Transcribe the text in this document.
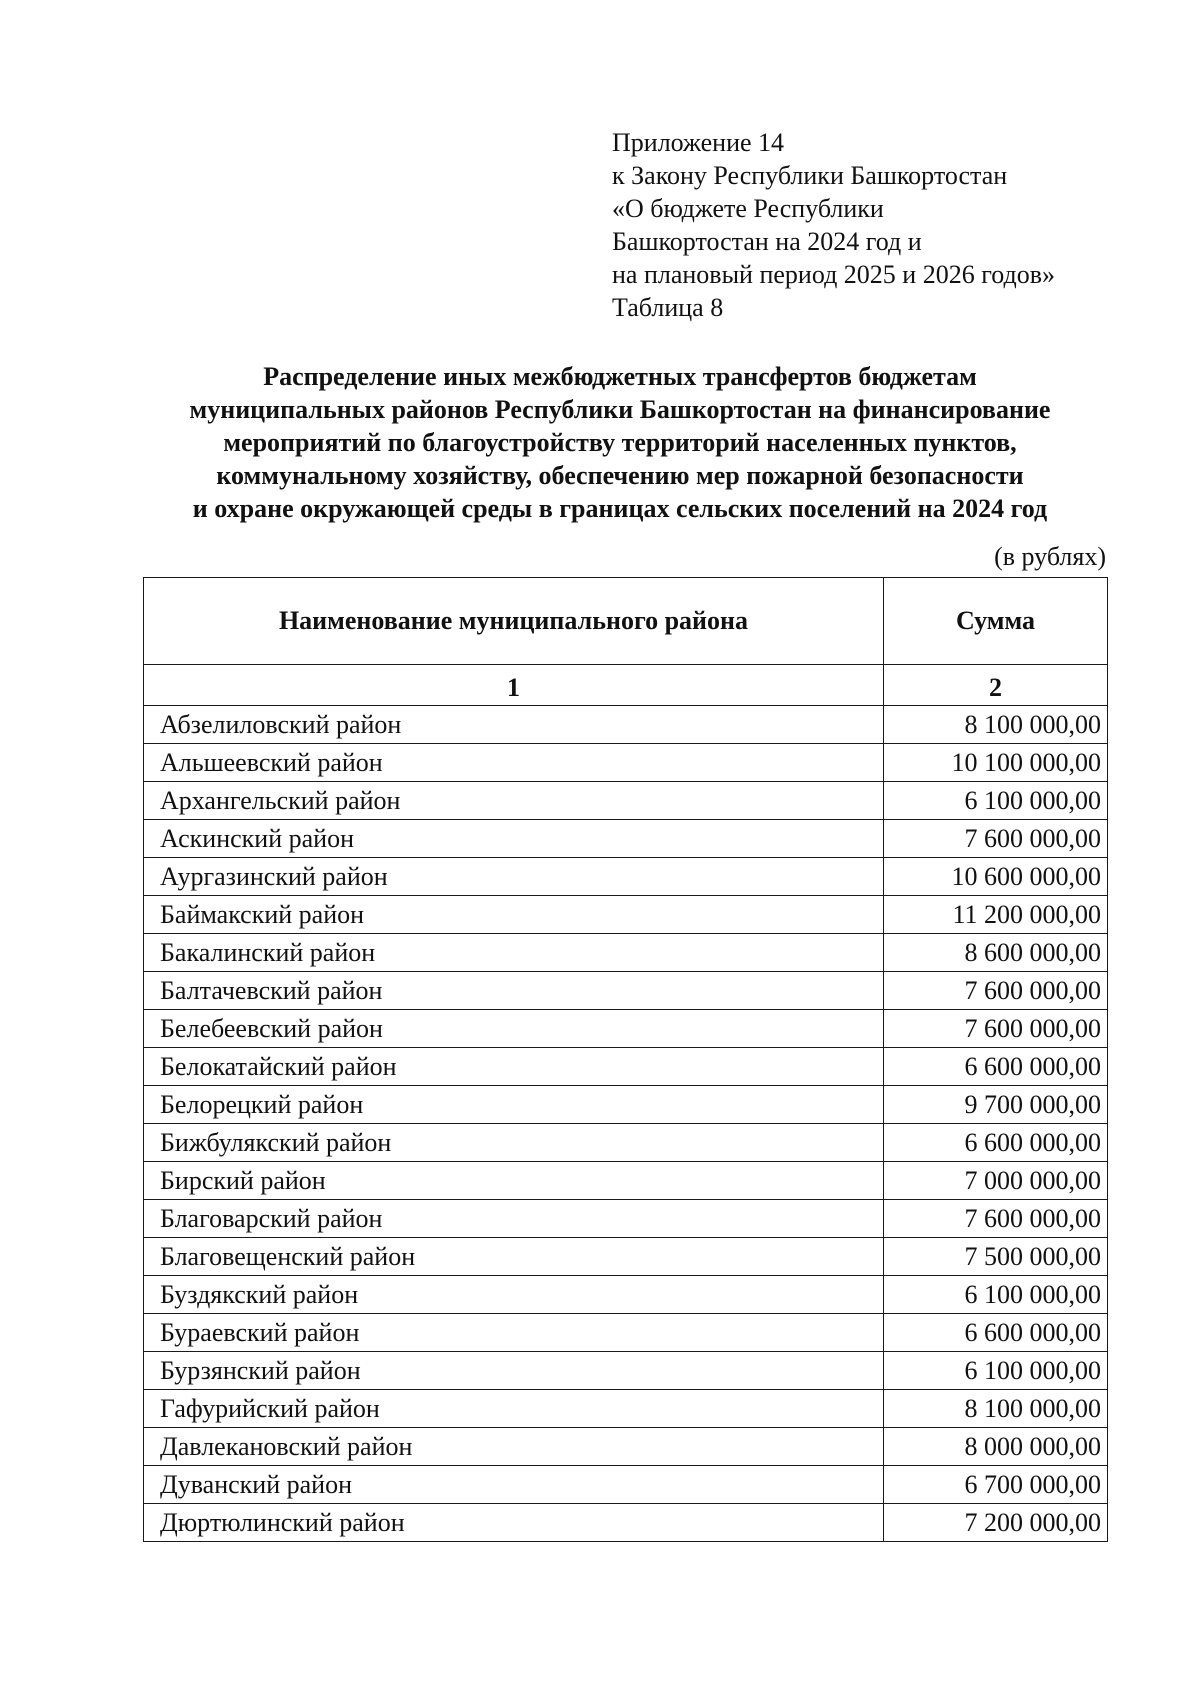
Приложение 14
к Закону Республики Башкортостан
«О бюджете Республики
Башкортостан на 2024 год и
на плановый период 2025 и 2026 годов»
Таблица 8
Распределение иных межбюджетных трансфертов бюджетам
муниципальных районов Республики Башкортостан на финансирование
мероприятий по благоустройству территорий населенных пунктов,
коммунальному хозяйству, обеспечению мер пожарной безопасности
и охране окружающей среды в границах сельских поселений на 2024 год
(в рублях)
Наименование муниципального района	Сумма
1	2
Абзелиловский район	8 100 000,00
Альшеевский район	10 100 000,00
Архангельский район	6 100 000,00
Аскинский район	7 600 000,00
Аургазинский район	10 600 000,00
Баймакский район	11 200 000,00
Бакалинский район	8 600 000,00
Балтачевский район	7 600 000,00
Белебеевский район	7 600 000,00
Белокатайский район	6 600 000,00
Белорецкий район	9 700 000,00
Бижбулякский район	6 600 000,00
Бирский район	7 000 000,00
Благоварский район	7 600 000,00
Благовещенский район	7 500 000,00
Буздякский район	6 100 000,00
Бураевский район	6 600 000,00
Бурзянский район	6 100 000,00
Гафурийский район	8 100 000,00
Давлекановский район	8 000 000,00
Дуванский район	6 700 000,00
Дюртюлинский район	7 200 000,00
